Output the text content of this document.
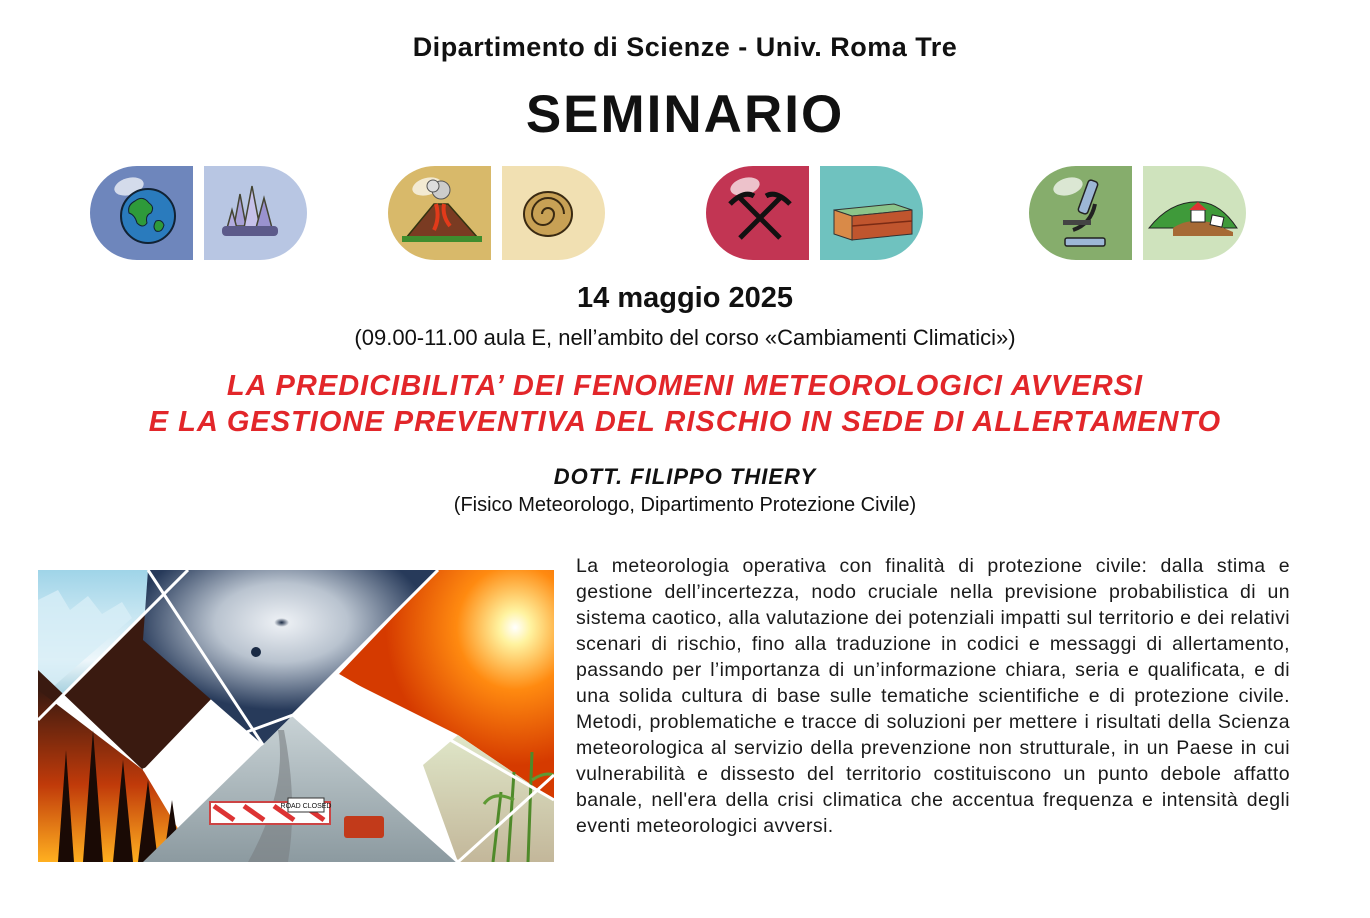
Dipartimento di Scienze - Univ. Roma Tre
SEMINARIO
14 maggio 2025
(09.00-11.00 aula E, nell’ambito del corso «Cambiamenti Climatici»)
LA PREDICIBILITA’ DEI FENOMENI METEOROLOGICI AVVERSI
E LA GESTIONE PREVENTIVA DEL RISCHIO IN SEDE DI ALLERTAMENTO
DOTT. FILIPPO THIERY
(Fisico Meteorologo, Dipartimento Protezione Civile)
ROAD CLOSED
La meteorologia operativa con finalità di protezione civile: dalla stima e gestione dell’incertezza, nodo cruciale nella previsione probabilistica di un sistema caotico, alla valutazione dei potenziali impatti sul territorio e dei relativi scenari di rischio, fino alla traduzione in codici e messaggi di allertamento, passando per l’importanza di un’informazione chiara, seria e qualificata, e di una solida cultura di base sulle tematiche scientifiche e di protezione civile. Metodi, problematiche e tracce di soluzioni per mettere i risultati della Scienza meteorologica al servizio della prevenzione non strutturale, in un Paese in cui vulnerabilità e dissesto del territorio costituiscono un punto debole affatto banale, nell'era della crisi climatica che accentua frequenza e intensità degli eventi meteorologici avversi.
